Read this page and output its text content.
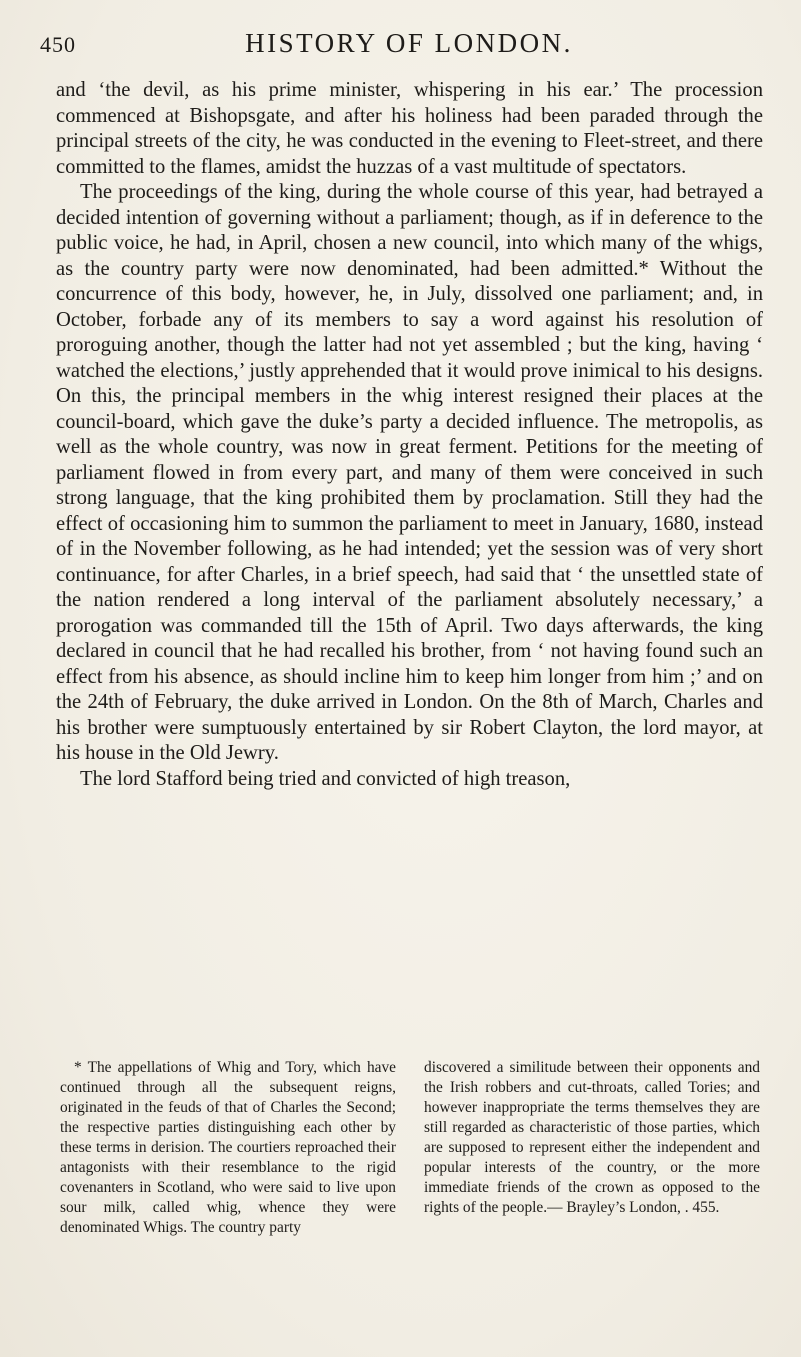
450	HISTORY OF LONDON.

and ‘the devil, as his prime minister, whispering in his ear.’ The procession commenced at Bishopsgate, and after his holiness had been paraded through the principal streets of the city, he was conducted in the evening to Fleet-street, and there committed to the flames, amidst the huzzas of a vast multitude of spectators.

The proceedings of the king, during the whole course of this year, had betrayed a decided intention of governing without a parliament; though, as if in deference to the public voice, he had, in April, chosen a new council, into which many of the whigs, as the country party were now denominated, had been admitted.* Without the concurrence of this body, however, he, in July, dissolved one parliament; and, in October, forbade any of its members to say a word against his resolution of proroguing another, though the latter had not yet assembled ; but the king, having ‘ watched the elections,’ justly apprehended that it would prove inimical to his designs. On this, the principal members in the whig interest resigned their places at the council-board, which gave the duke’s party a decided influence. The metropolis, as well as the whole country, was now in great ferment. Petitions for the meeting of parliament flowed in from every part, and many of them were conceived in such strong language, that the king prohibited them by proclamation. Still they had the effect of occasioning him to summon the parliament to meet in January, 1680, instead of in the November following, as he had intended; yet the session was of very short continuance, for after Charles, in a brief speech, had said that ‘ the unsettled state of the nation rendered a long interval of the parliament absolutely necessary,’ a prorogation was commanded till the 15th of April. Two days afterwards, the king declared in council that he had recalled his brother, from ‘ not having found such an effect from his absence, as should incline him to keep him longer from him ;’ and on the 24th of February, the duke arrived in London. On the 8th of March, Charles and his brother were sumptuously entertained by sir Robert Clayton, the lord mayor, at his house in the Old Jewry.

The lord Stafford being tried and convicted of high treason,

* The appellations of Whig and Tory, which have continued through all the subsequent reigns, originated in the feuds of that of Charles the Second; the respective parties distinguishing each other by these terms in derision. The courtiers reproached their antagonists with their resemblance to the rigid covenanters in Scotland, who were said to live upon sour milk, called whig, whence they were denominated Whigs. The country party

discovered a similitude between their opponents and the Irish robbers and cut-throats, called Tories; and however inappropriate the terms themselves they are still regarded as characteristic of those parties, which are supposed to represent either the independent and popular interests of the country, or the more immediate friends of the crown as opposed to the rights of the people.— Brayley’s London, . 455.
